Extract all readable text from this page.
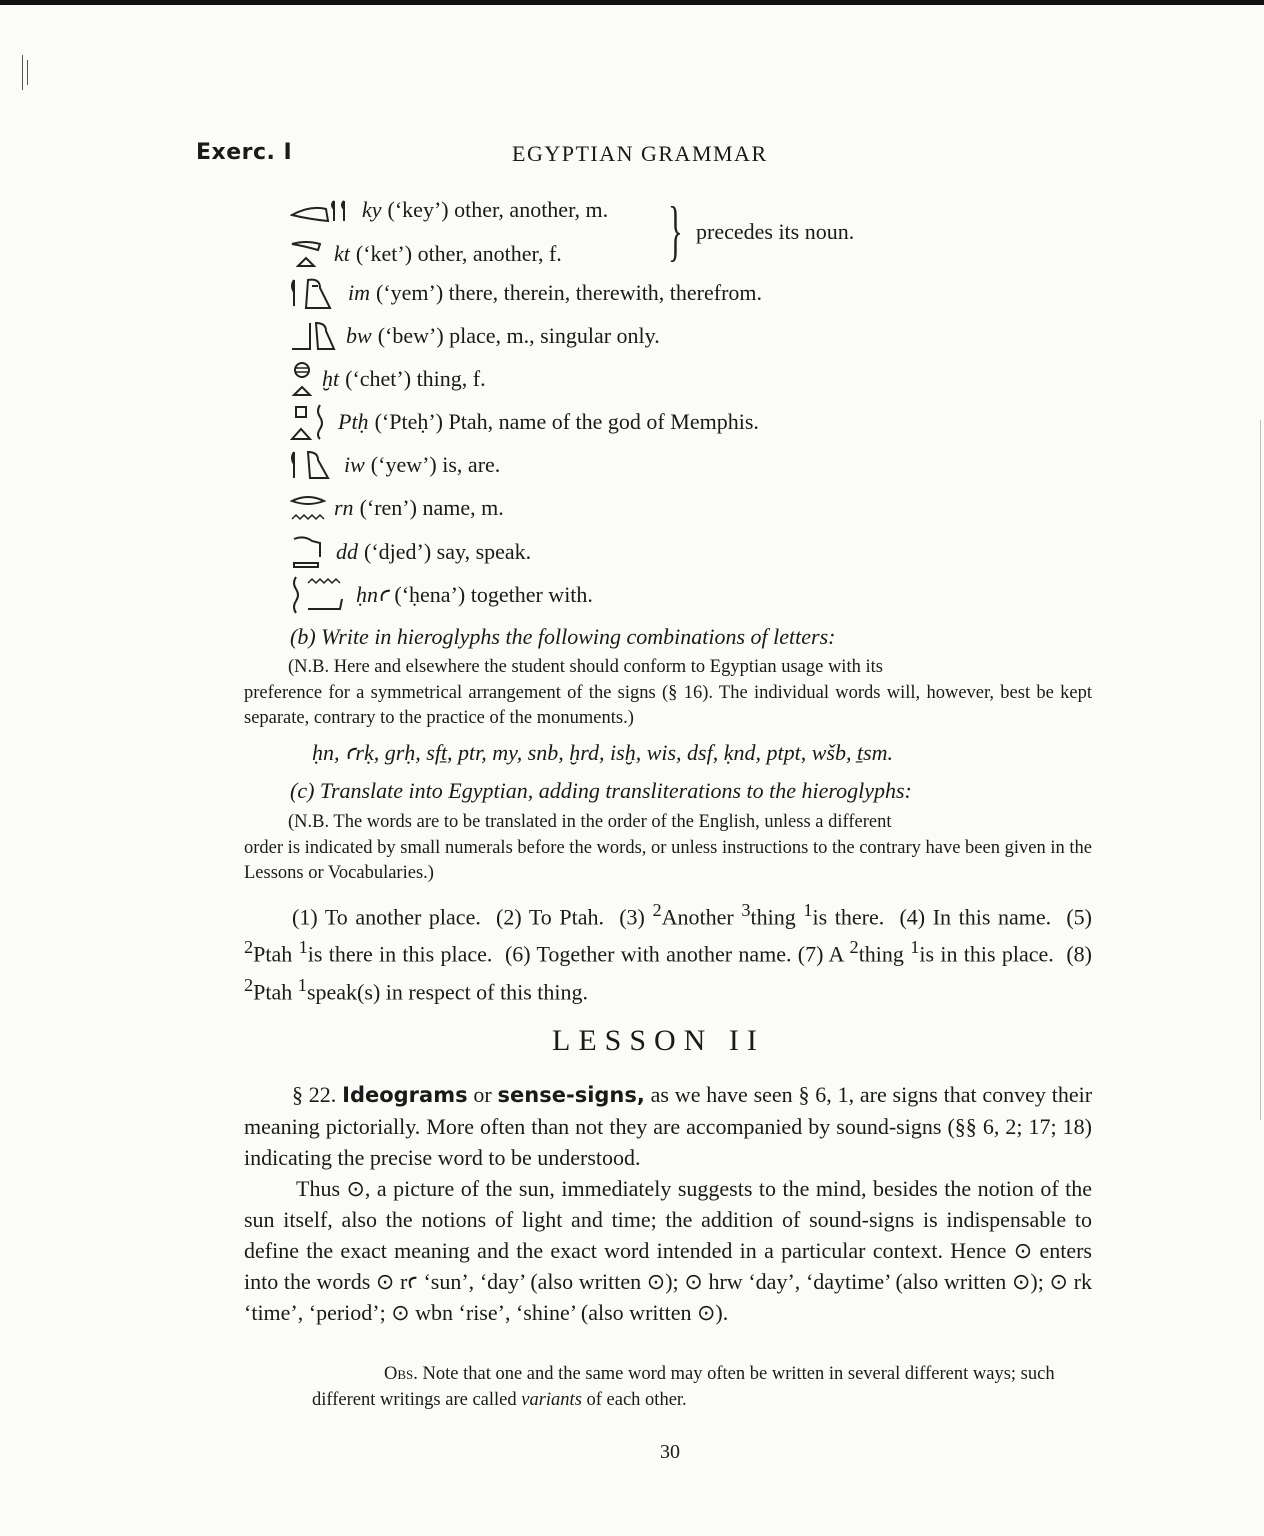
Exerc. I	EGYPTIAN GRAMMAR
ky (‘key’) other, another, m.
kt (‘ket’) other, another, f. } precedes its noun.
im (‘yem’) there, therein, therewith, therefrom.
bw (‘bew’) place, m., singular only.
ḫt (‘chet’) thing, f.
Ptḥ (‘Pteḥ’) Ptah, name of the god of Memphis.
iw (‘yew’) is, are.
rn (‘ren’) name, m.
dd (‘djed’) say, speak.
ḥnꜥ (‘ḥena’) together with.
(b) Write in hieroglyphs the following combinations of letters:
(N.B. Here and elsewhere the student should conform to Egyptian usage with its
preference for a symmetrical arrangement of the signs (§ 16). The individual words will, however, best be kept separate, contrary to the practice of the monuments.)
ḥn, ꜥrḳ, grḥ, sfṯ, ptr, my, snb, ḫrd, isḫ, wis, dsf, ḳnd, ptpt, wšb, ṯsm.
(c) Translate into Egyptian, adding transliterations to the hieroglyphs:
(N.B. The words are to be translated in the order of the English, unless a different
order is indicated by small numerals before the words, or unless instructions to the contrary have been given in the Lessons or Vocabularies.)
(1) To another place.  (2) To Ptah.  (3) $^2$Another $^3$thing $^1$is there.  (4) In this name.  (5) $^2$Ptah $^1$is there in this place.  (6) Together with another name. (7) A $^2$thing $^1$is in this place.  (8) $^2$Ptah $^1$speak(s) in respect of this thing.
LESSON II
§ 22. Ideograms or sense-signs, as we have seen § 6, 1, are signs that convey their meaning pictorially. More often than not they are accompanied by sound-signs (§§ 6, 2; 17; 18) indicating the precise word to be understood.
Thus ⊙, a picture of the sun, immediately suggests to the mind, besides the notion of the sun itself, also the notions of light and time; the addition of sound-signs is indispensable to define the exact meaning and the exact word intended in a particular context. Hence ⊙ enters into the words ⊙ rꜥ ‘sun’, ‘day’ (also written ⊙); ⊙ hrw ‘day’, ‘daytime’ (also written ⊙); ⊙ rk ‘time’, ‘period’; ⊙ wbn ‘rise’, ‘shine’ (also written ⊙).
Obs. Note that one and the same word may often be written in several different ways; such different writings are called variants of each other.
30
